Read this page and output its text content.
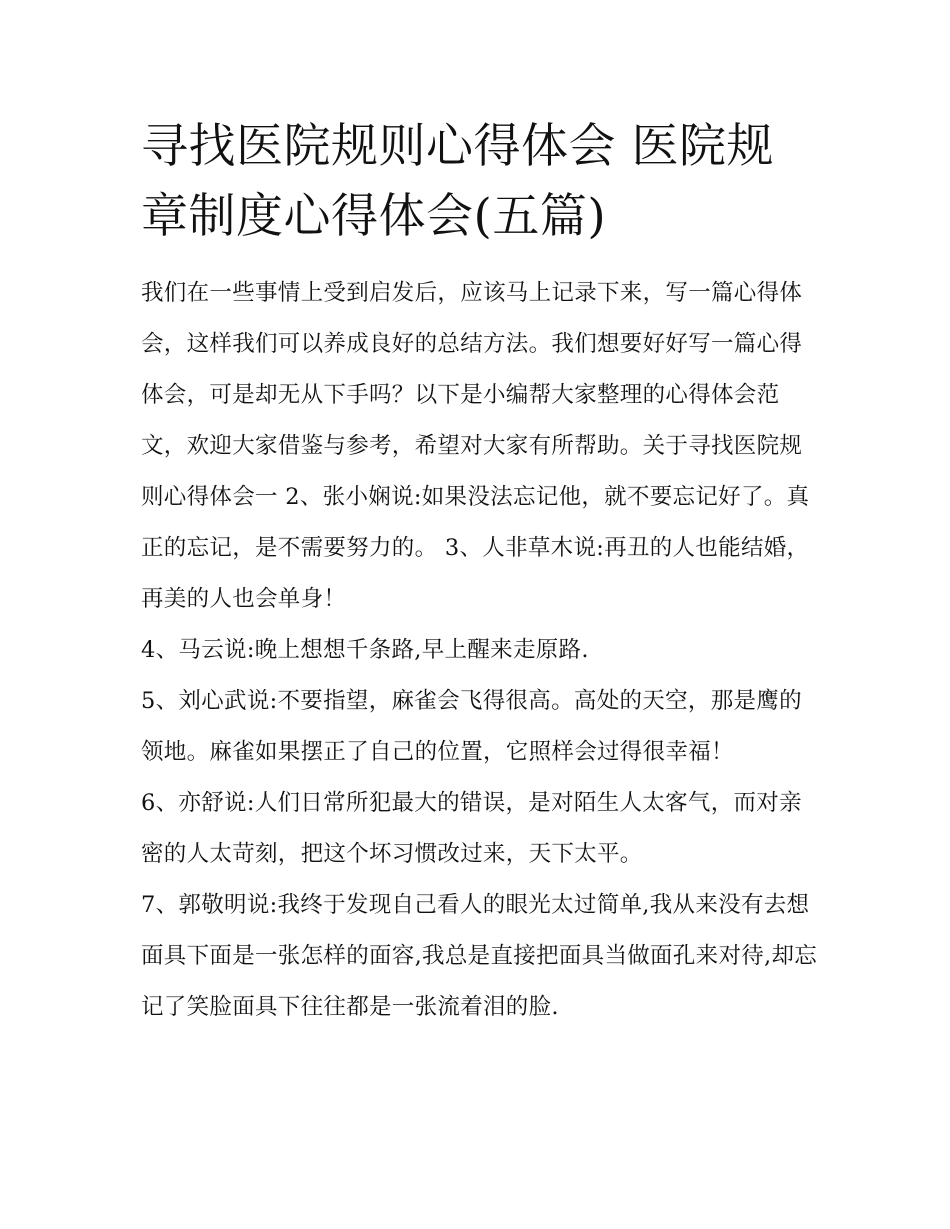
寻找医院规则心得体会 医院规章制度心得体会(五篇)

我们在一些事情上受到启发后，应该马上记录下来，写一篇心得体会，这样我们可以养成良好的总结方法。我们想要好好写一篇心得体会，可是却无从下手吗？以下是小编帮大家整理的心得体会范文，欢迎大家借鉴与参考，希望对大家有所帮助。关于寻找医院规则心得体会一 2、张小娴说:如果没法忘记他，就不要忘记好了。真正的忘记，是不需要努力的。 3、人非草木说:再丑的人也能结婚，再美的人也会单身！

4、马云说:晚上想想千条路,早上醒来走原路.

5、刘心武说:不要指望，麻雀会飞得很高。高处的天空，那是鹰的领地。麻雀如果摆正了自己的位置，它照样会过得很幸福！

6、亦舒说:人们日常所犯最大的错误，是对陌生人太客气，而对亲密的人太苛刻，把这个坏习惯改过来，天下太平。

7、郭敬明说:我终于发现自己看人的眼光太过简单,我从来没有去想面具下面是一张怎样的面容,我总是直接把面具当做面孔来对待,却忘记了笑脸面具下往往都是一张流着泪的脸.
